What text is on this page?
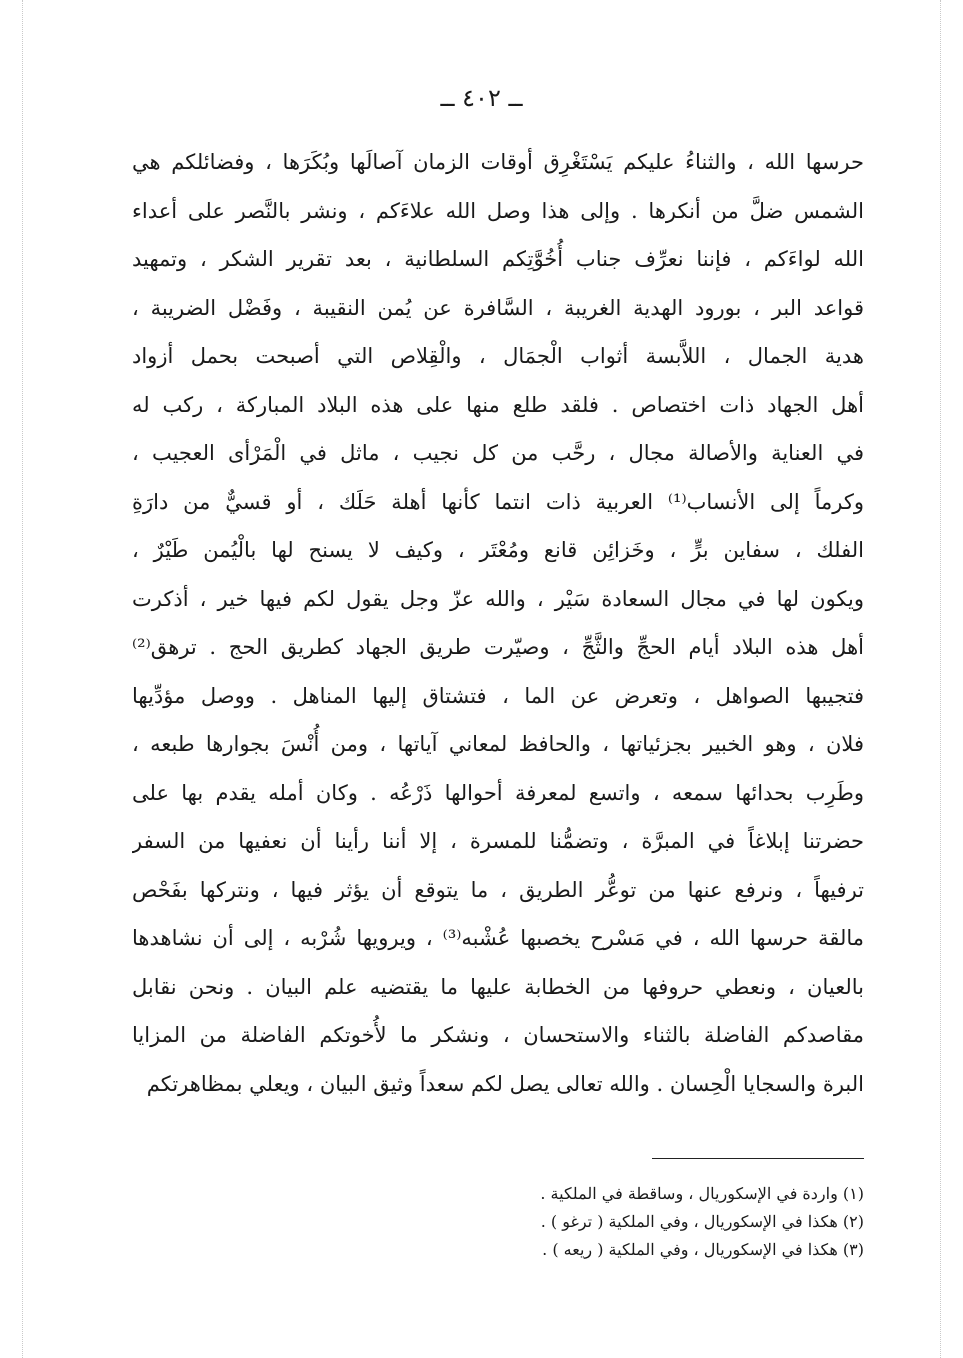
ــ ٤٠٢ ــ
حرسها الله ، والثناءُ عليكم يَسْتَغْرِق أوقات الزمان آصالَها وبُكَرَها ، وفضائلكم هي
الشمس ضلَّ من أنكرها . وإلى هذا وصل الله علاءَكم ، ونشر بالنَّصر على أعداء
الله لواءَكم ، فإننا نعرِّف جناب أُخُوَّتِكم السلطانية ، بعد تقرير الشكر ، وتمهيد
قواعد البر ، بورود الهدية الغريبة ، السَّافرة عن يُمن النقيبة ، وفَضْل الضريبة ،
هدية الجمال ، اللاَّبسة أثواب الْجمَال ، والْقِلاص التي أصبحت بحمل أزواد
أهل الجهاد ذات اختصاص . فلقد طلع منها على هذه البلاد المباركة ، ركب له
في العناية والأصالة مجال ، رحَّب من كل نجيب ، ماثل في الْمَرْأى العجيب ،
وكرماً إلى الأنساب⁽¹⁾ العربية ذات انتما كأنها أهلة حَلَك ، أو قسيٌّ من دارَةِ
الفلك ، سفاين برٍّ ، وخَزائِن قانع ومُعْتَر ، وكيف لا يسنح لها بالْيُمن طَيْرٌ ،
ويكون لها في مجال السعادة سَيْر ، والله عزّ وجل يقول لكم فيها خير ، أذكرت
أهل هذه البلاد أيام الحجِّ والثَّجِّ ، وصيّرت طريق الجهاد كطريق الحج . ترهق⁽²⁾
فتجيبها الصواهل ، وتعرض عن الما ، فتشتاق إليها المناهل . ووصل مؤدِّيها
فلان ، وهو الخبير بجزئياتها ، والحافظ لمعاني آياتها ، ومن أُنْسَ بجوارها طبعه ،
وطَرِب بحدائها سمعه ، واتسع لمعرفة أحوالها ذَرْعُه . وكان أمله يقدم بها على
حضرتنا إبلاغاً في المبرَّة ، وتضمُّنا للمسرة ، إلا أننا رأينا أن نعفيها من السفر
ترفيهاً ، ونرفع عنها من توعُّر الطريق ، ما يتوقع أن يؤثر فيها ، ونتركها بفَحْص
مالقة حرسها الله ، في مَسْرح يخصبها عُشْبه⁽³⁾ ، ويرويها شُرْبه ، إلى أن نشاهدها
بالعيان ، ونعطي حروفها من الخطابة عليها ما يقتضيه علم البيان . ونحن نقابل
مقاصدكم الفاضلة بالثناء والاستحسان ، ونشكر ما لأُخوتكم الفاضلة من المزايا
البرة والسجايا الْحِسان . والله تعالى يصل لكم سعداً وثيق البيان ، ويعلي بمظاهرتكم
(١) واردة في الإسكوريال ، وساقطة في الملكية .
(٢) هكذا في الإسكوريال ، وفي الملكية ( ترغو ) .
(٣) هكذا في الإسكوريال ، وفي الملكية ( ريعه ) .
